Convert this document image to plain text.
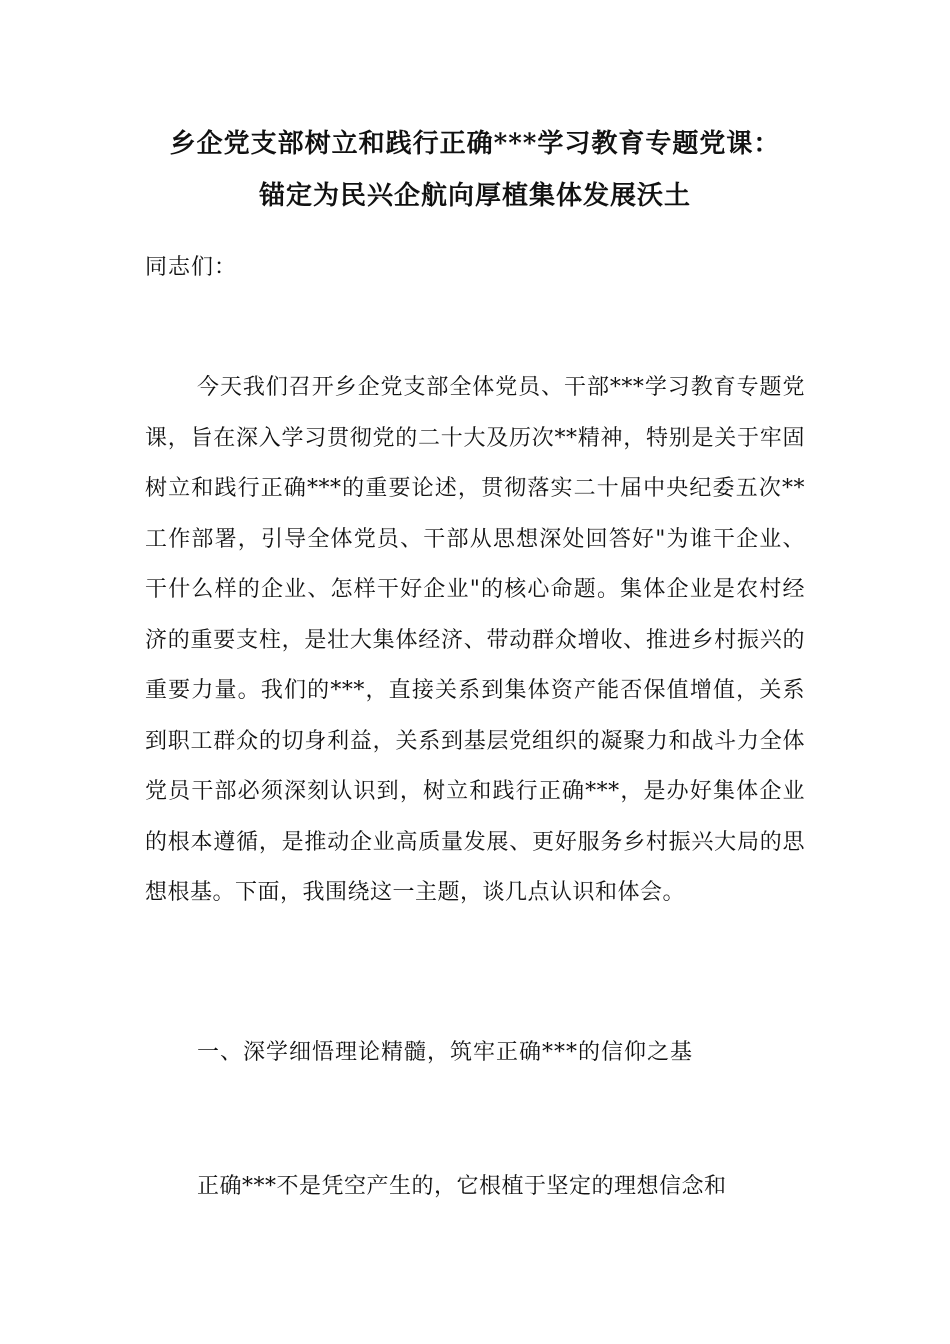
乡企党支部树立和践行正确***学习教育专题党课：
锚定为民兴企航向厚植集体发展沃土
同志们：
今天我们召开乡企党支部全体党员、干部***学习教育专题党课，旨在深入学习贯彻党的二十大及历次**精神，特别是关于牢固树立和践行正确***的重要论述，贯彻落实二十届中央纪委五次**工作部署，引导全体党员、干部从思想深处回答好"为谁干企业、干什么样的企业、怎样干好企业"的核心命题。集体企业是农村经济的重要支柱，是壮大集体经济、带动群众增收、推进乡村振兴的重要力量。我们的***，直接关系到集体资产能否保值增值，关系到职工群众的切身利益，关系到基层党组织的凝聚力和战斗力全体党员干部必须深刻认识到，树立和践行正确***，是办好集体企业的根本遵循，是推动企业高质量发展、更好服务乡村振兴大局的思想根基。下面，我围绕这一主题，谈几点认识和体会。
一、深学细悟理论精髓，筑牢正确***的信仰之基
正确***不是凭空产生的，它根植于坚定的理想信念和
